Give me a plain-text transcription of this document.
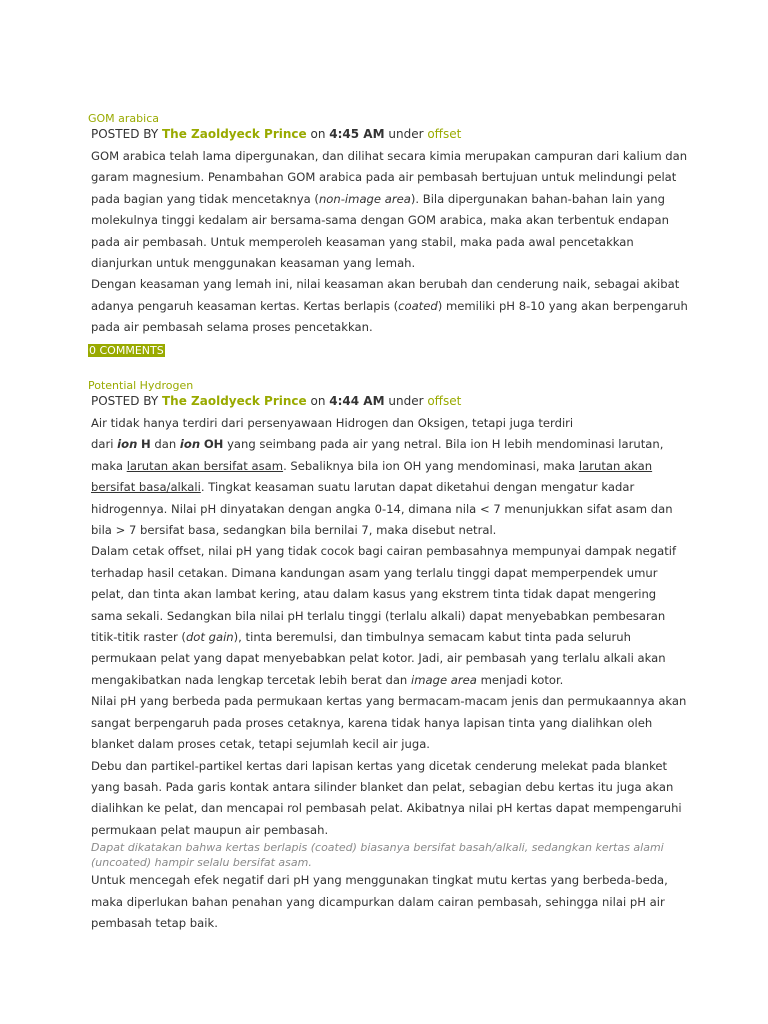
GOM arabica
POSTED BY The Zaoldyeck Prince on 4:45 AM under offset

GOM arabica telah lama dipergunakan, dan dilihat secara kimia merupakan campuran dari kalium dan garam magnesium. Penambahan GOM arabica pada air pembasah bertujuan untuk melindungi pelat pada bagian yang tidak mencetaknya (non-image area). Bila dipergunakan bahan-bahan lain yang molekulnya tinggi kedalam air bersama-sama dengan GOM arabica, maka akan terbentuk endapan pada air pembasah. Untuk memperoleh keasaman yang stabil, maka pada awal pencetakkan dianjurkan untuk menggunakan keasaman yang lemah.

Dengan keasaman yang lemah ini, nilai keasaman akan berubah dan cenderung naik, sebagai akibat adanya pengaruh keasaman kertas. Kertas berlapis (coated) memiliki pH 8-10 yang akan berpengaruh pada air pembasah selama proses pencetakkan.

0 COMMENTS
Potential Hydrogen
POSTED BY The Zaoldyeck Prince on 4:44 AM under offset

Air tidak hanya terdiri dari persenyawaan Hidrogen dan Oksigen, tetapi juga terdiri
dari ion H dan ion OH yang seimbang pada air yang netral. Bila ion H lebih mendominasi larutan, maka larutan akan bersifat asam. Sebaliknya bila ion OH yang mendominasi, maka larutan akan bersifat basa/alkali. Tingkat keasaman suatu larutan dapat diketahui dengan mengatur kadar hidrogennya. Nilai pH dinyatakan dengan angka 0-14, dimana nila < 7 menunjukkan sifat asam dan bila > 7 bersifat basa, sedangkan bila bernilai 7, maka disebut netral.

Dalam cetak offset, nilai pH yang tidak cocok bagi cairan pembasahnya mempunyai dampak negatif terhadap hasil cetakan. Dimana kandungan asam yang terlalu tinggi dapat memperpendek umur pelat, dan tinta akan lambat kering, atau dalam kasus yang ekstrem tinta tidak dapat mengering sama sekali. Sedangkan bila nilai pH terlalu tinggi (terlalu alkali) dapat menyebabkan pembesaran titik-titik raster (dot gain), tinta beremulsi, dan timbulnya semacam kabut tinta pada seluruh permukaan pelat yang dapat menyebabkan pelat kotor. Jadi, air pembasah yang terlalu alkali akan mengakibatkan nada lengkap tercetak lebih berat dan image area menjadi kotor.

Nilai pH yang berbeda pada permukaan kertas yang bermacam-macam jenis dan permukaannya akan sangat berpengaruh pada proses cetaknya, karena tidak hanya lapisan tinta yang dialihkan oleh blanket dalam proses cetak, tetapi sejumlah kecil air juga.

Debu dan partikel-partikel kertas dari lapisan kertas yang dicetak cenderung melekat pada blanket yang basah. Pada garis kontak antara silinder blanket dan pelat, sebagian debu kertas itu juga akan dialihkan ke pelat, dan mencapai rol pembasah pelat. Akibatnya nilai pH kertas dapat mempengaruhi permukaan pelat maupun air pembasah.

Dapat dikatakan bahwa kertas berlapis (coated) biasanya bersifat basah/alkali, sedangkan kertas alami (uncoated) hampir selalu bersifat asam.

Untuk mencegah efek negatif dari pH yang menggunakan tingkat mutu kertas yang berbeda-beda, maka diperlukan bahan penahan yang dicampurkan dalam cairan pembasah, sehingga nilai pH air pembasah tetap baik.
